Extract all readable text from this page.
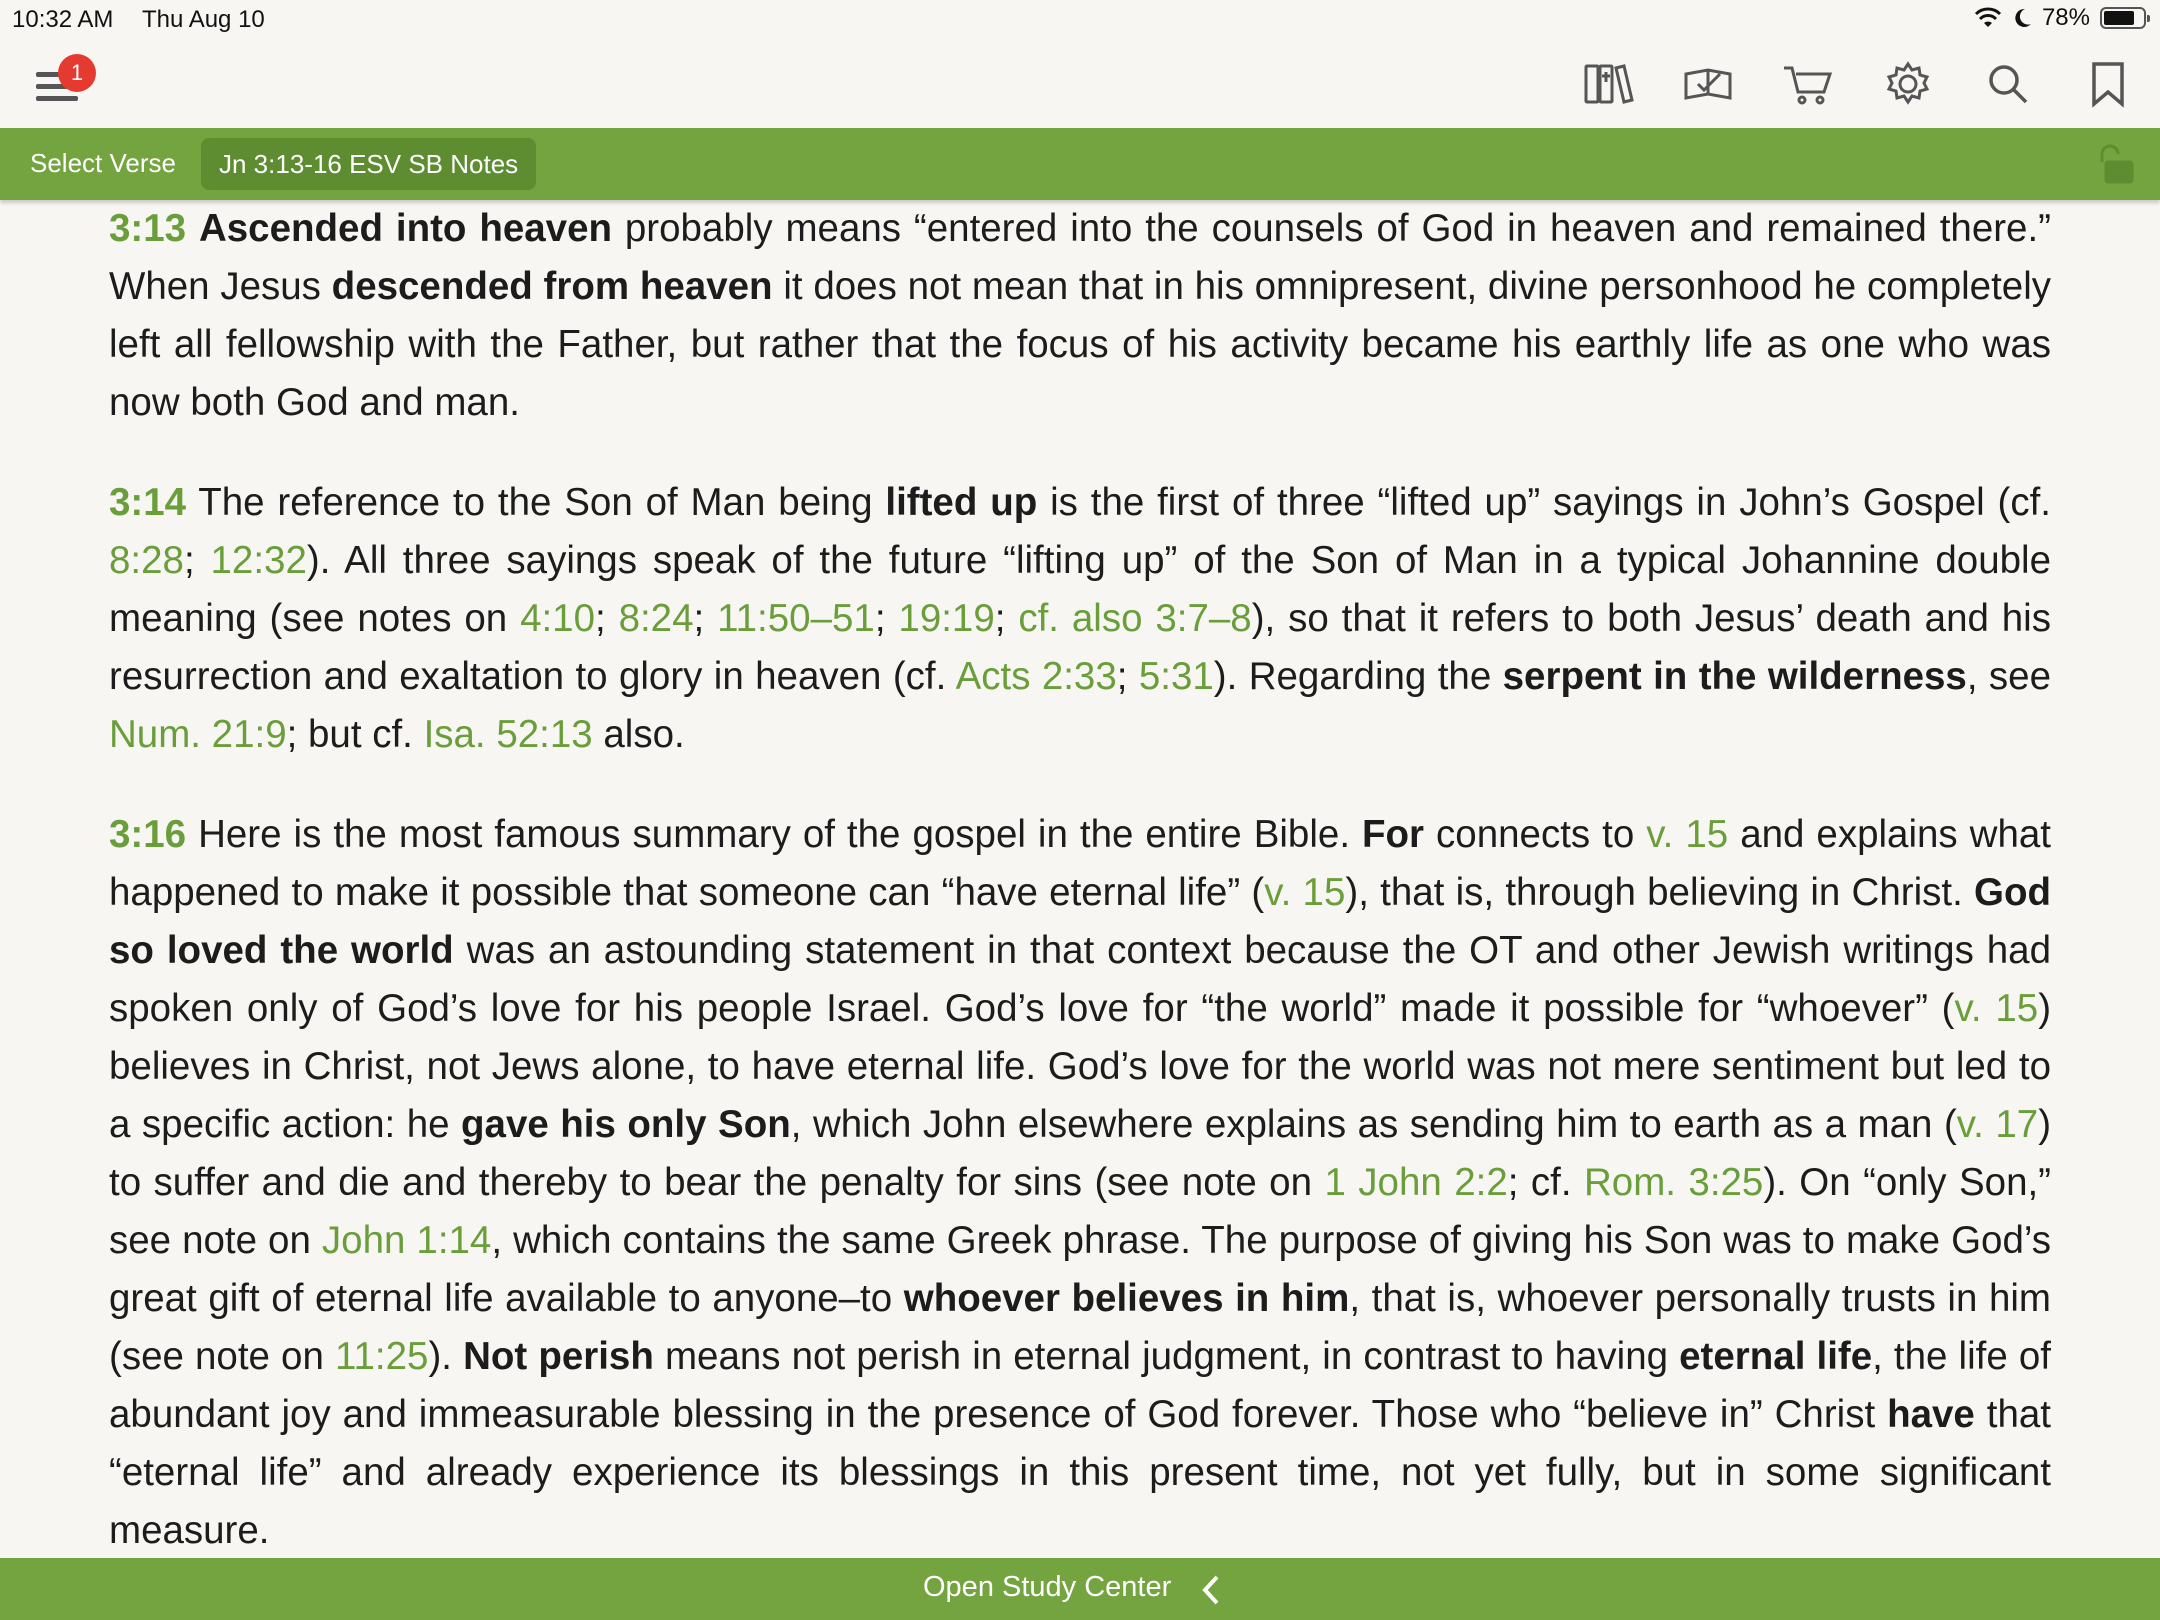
10:32 AM Thu Aug 10	78%
1
Select Verse	Jn 3:13-16 ESV SB Notes

3:13 Ascended into heaven probably means “entered into the counsels of God in heaven and remained there.” When Jesus descended from heaven it does not mean that in his omnipresent, divine personhood he completely left all fellowship with the Father, but rather that the focus of his activity became his earthly life as one who was now both God and man.

3:14 The reference to the Son of Man being lifted up is the first of three “lifted up” sayings in John’s Gospel (cf. 8:28; 12:32). All three sayings speak of the future “lifting up” of the Son of Man in a typical Johannine double meaning (see notes on 4:10; 8:24; 11:50–51; 19:19; cf. also 3:7–8), so that it refers to both Jesus’ death and his resurrection and exaltation to glory in heaven (cf. Acts 2:33; 5:31). Regarding the serpent in the wilderness, see Num. 21:9; but cf. Isa. 52:13 also.

3:16 Here is the most famous summary of the gospel in the entire Bible. For connects to v. 15 and explains what happened to make it possible that someone can “have eternal life” (v. 15), that is, through believing in Christ. God so loved the world was an astounding statement in that context because the OT and other Jewish writings had spoken only of God’s love for his people Israel. God’s love for “the world” made it possible for “whoever” (v. 15) believes in Christ, not Jews alone, to have eternal life. God’s love for the world was not mere sentiment but led to a specific action: he gave his only Son, which John elsewhere explains as sending him to earth as a man (v. 17) to suffer and die and thereby to bear the penalty for sins (see note on 1 John 2:2; cf. Rom. 3:25). On “only Son,” see note on John 1:14, which contains the same Greek phrase. The purpose of giving his Son was to make God’s great gift of eternal life available to anyone–to whoever believes in him, that is, whoever personally trusts in him (see note on 11:25). Not perish means not perish in eternal judgment, in contrast to having eternal life, the life of abundant joy and immeasurable blessing in the presence of God forever. Those who “believe in” Christ have that “eternal life” and already experience its blessings in this present time, not yet fully, but in some significant measure.

Open Study Center
